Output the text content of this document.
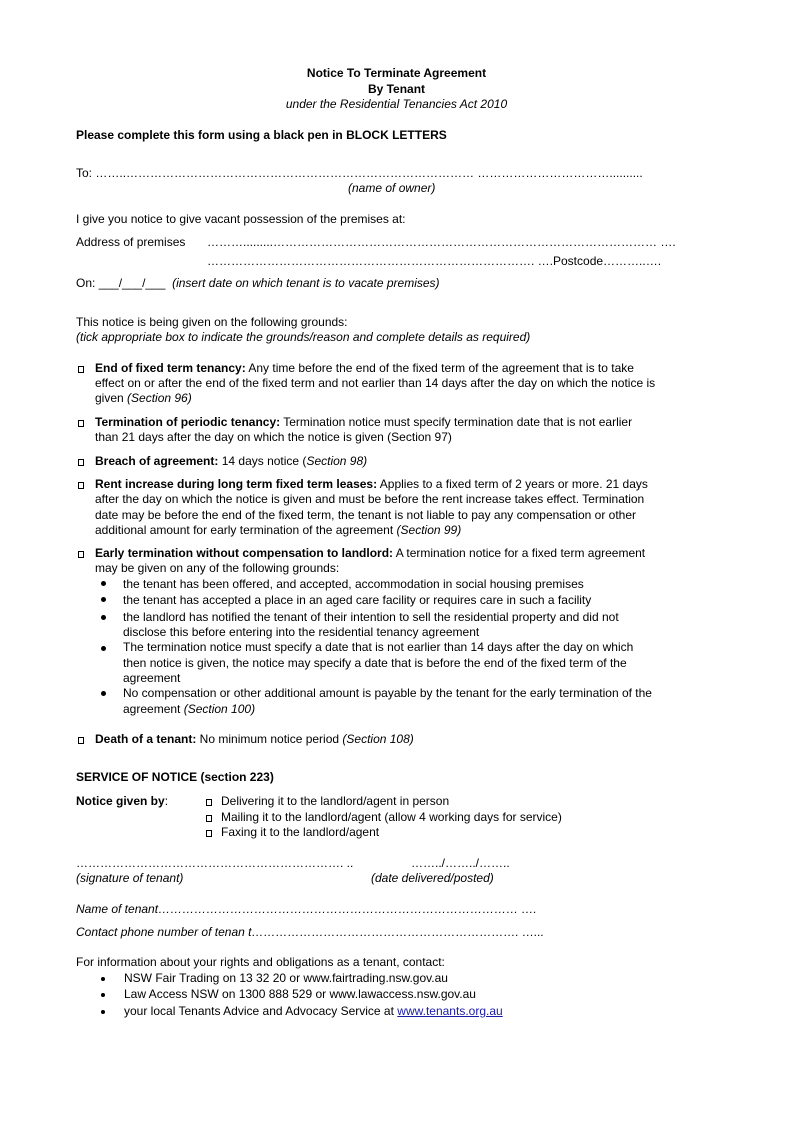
Notice To Terminate Agreement
By Tenant
under the Residential Tenancies Act 2010
Please complete this form using a black pen in BLOCK LETTERS
To: ……..…………………………………………………………………………… ……………………………..........
(name of owner)
I give you notice to give vacant possession of the premises at:
Address of premises ……….........…………………………………………………………………………………… ….
………………………………………………………………………. ….Postcode………..….
On: ___/___/___ (insert date on which tenant is to vacate premises)
This notice is being given on the following grounds:
(tick appropriate box to indicate the grounds/reason and complete details as required)
End of fixed term tenancy: Any time before the end of the fixed term of the agreement that is to take
effect on or after the end of the fixed term and not earlier than 14 days after the day on which the notice is
given (Section 96)
Termination of periodic tenancy: Termination notice must specify termination date that is not earlier
than 21 days after the day on which the notice is given (Section 97)
Breach of agreement: 14 days notice (Section 98)
Rent increase during long term fixed term leases: Applies to a fixed term of 2 years or more. 21 days
after the day on which the notice is given and must be before the rent increase takes effect. Termination
date may be before the end of the fixed term, the tenant is not liable to pay any compensation or other
additional amount for early termination of the agreement (Section 99)
Early termination without compensation to landlord: A termination notice for a fixed term agreement
may be given on any of the following grounds:
the tenant has been offered, and accepted, accommodation in social housing premises
the tenant has accepted a place in an aged care facility or requires care in such a facility
the landlord has notified the tenant of their intention to sell the residential property and did not
disclose this before entering into the residential tenancy agreement
The termination notice must specify a date that is not earlier than 14 days after the day on which
then notice is given, the notice may specify a date that is before the end of the fixed term of the
agreement
No compensation or other additional amount is payable by the tenant for the early termination of the
agreement (Section 100)
Death of a tenant: No minimum notice period (Section 108)
SERVICE OF NOTICE (section 223)
Notice given by:	Delivering it to the landlord/agent in person
Mailing it to the landlord/agent (allow 4 working days for service)
Faxing it to the landlord/agent
…………………………………………………………. ..	……../……../……..
(signature of tenant)	(date delivered/posted)
Name of tenant……………………………………………………………………………… ….
Contact phone number of tenan t…………………………………………………………. …...
For information about your rights and obligations as a tenant, contact:
NSW Fair Trading on 13 32 20 or www.fairtrading.nsw.gov.au
Law Access NSW on 1300 888 529 or www.lawaccess.nsw.gov.au
your local Tenants Advice and Advocacy Service at www.tenants.org.au
